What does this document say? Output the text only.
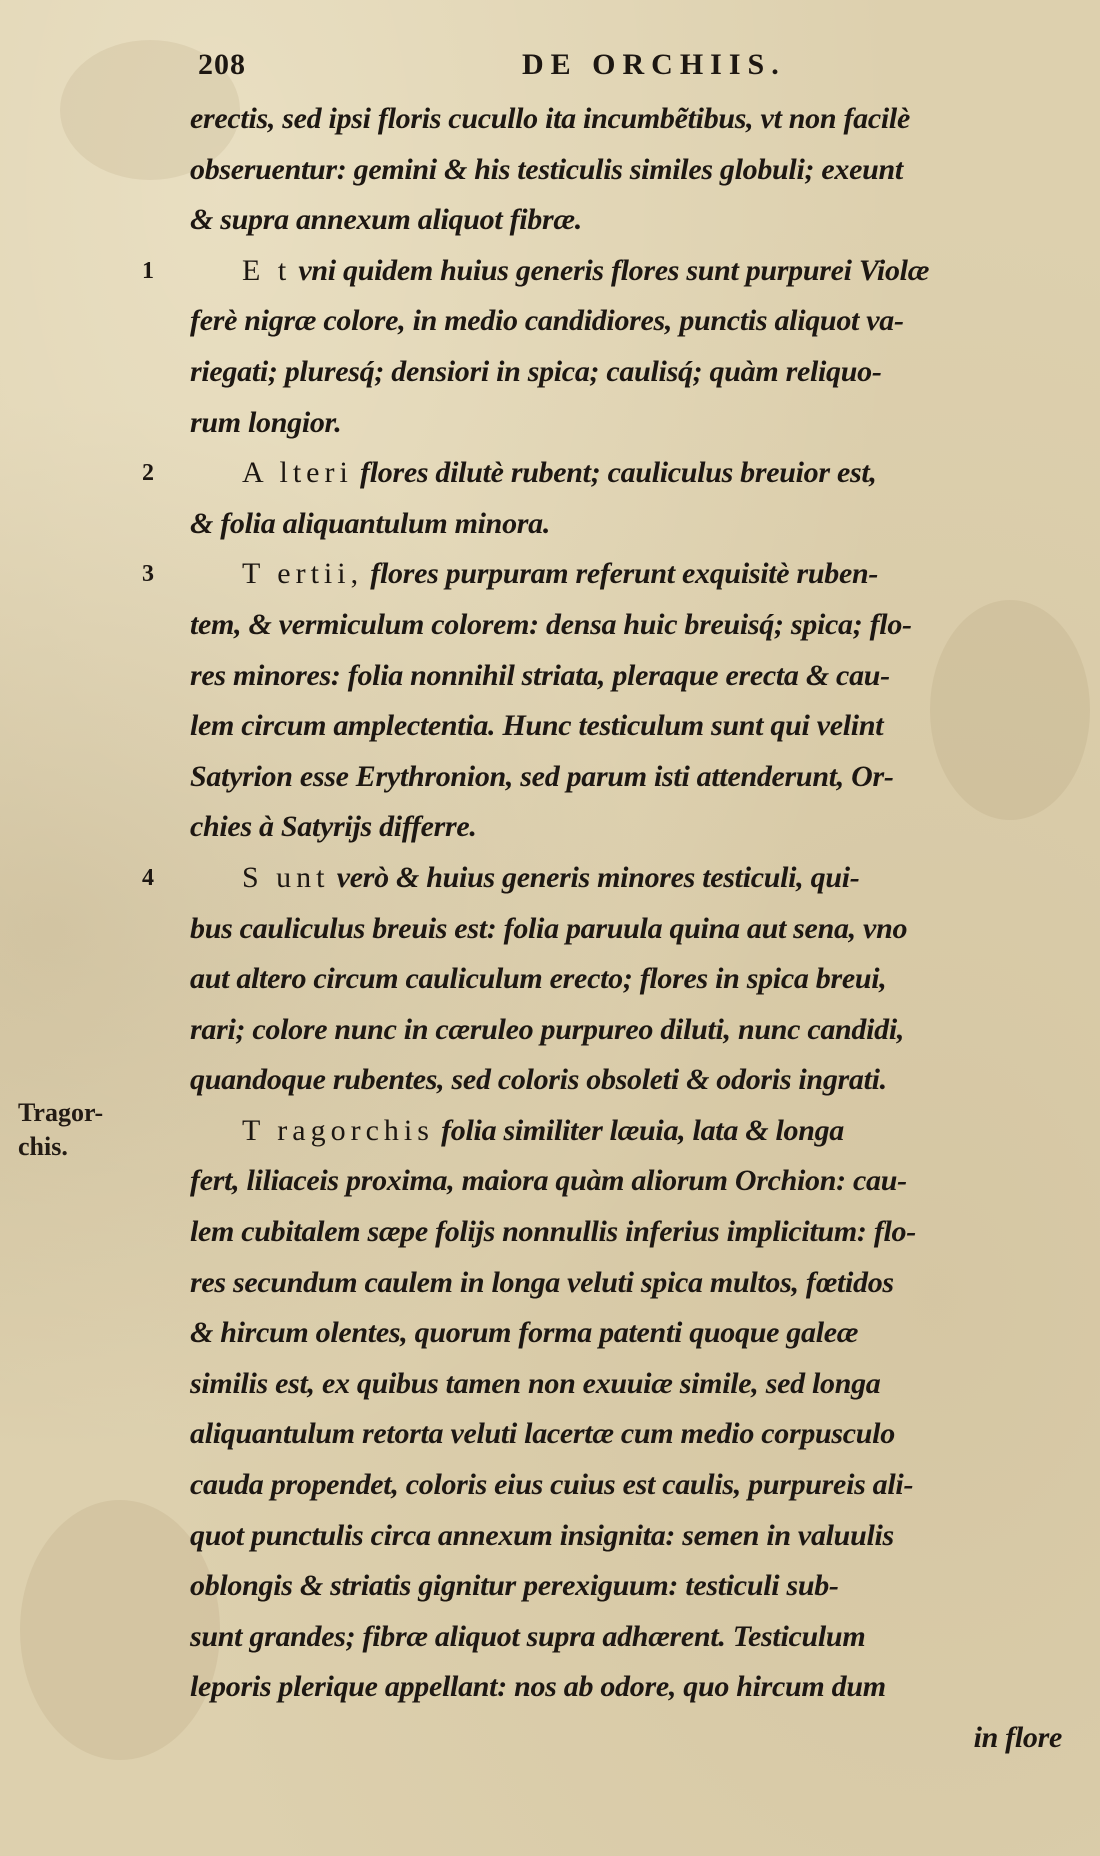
208	DE ORCHIIS.
Tragor-
chis.
erectis, sed ipsi floris cucullo ita incumbẽtibus, vt non facilè
obseruentur: gemini & his testiculis similes globuli; exeunt
& supra annexum aliquot fibræ.
1	E t vni quidem huius generis flores sunt purpurei Violæ
ferè nigræ colore, in medio candidiores, punctis aliquot va-
riegati; pluresq́; densiori in spica; caulisq́; quàm reliquo-
rum longior.
2	A lteri flores dilutè rubent; cauliculus breuior est,
& folia aliquantulum minora.
3	T ertii, flores purpuram referunt exquisitè ruben-
tem, & vermiculum colorem: densa huic breuisq́; spica; flo-
res minores: folia nonnihil striata, pleraque erecta & cau-
lem circum amplectentia. Hunc testiculum sunt qui velint
Satyrion esse Erythronion, sed parum isti attenderunt, Or-
chies à Satyrijs differre.
4	S unt verò & huius generis minores testiculi, qui-
bus cauliculus breuis est: folia paruula quina aut sena, vno
aut altero circum cauliculum erecto; flores in spica breui,
rari; colore nunc in cæruleo purpureo diluti, nunc candidi,
quandoque rubentes, sed coloris obsoleti & odoris ingrati.
T ragorchis folia similiter læuia, lata & longa
fert, liliaceis proxima, maiora quàm aliorum Orchion: cau-
lem cubitalem sæpe folijs nonnullis inferius implicitum: flo-
res secundum caulem in longa veluti spica multos, fœtidos
& hircum olentes, quorum forma patenti quoque galeæ
similis est, ex quibus tamen non exuuiæ simile, sed longa
aliquantulum retorta veluti lacertæ cum medio corpusculo
cauda propendet, coloris eius cuius est caulis, purpureis ali-
quot punctulis circa annexum insignita: semen in valuulis
oblongis & striatis gignitur perexiguum: testiculi sub-
sunt grandes; fibræ aliquot supra adhærent. Testiculum
leporis plerique appellant: nos ab odore, quo hircum dum
in flore
